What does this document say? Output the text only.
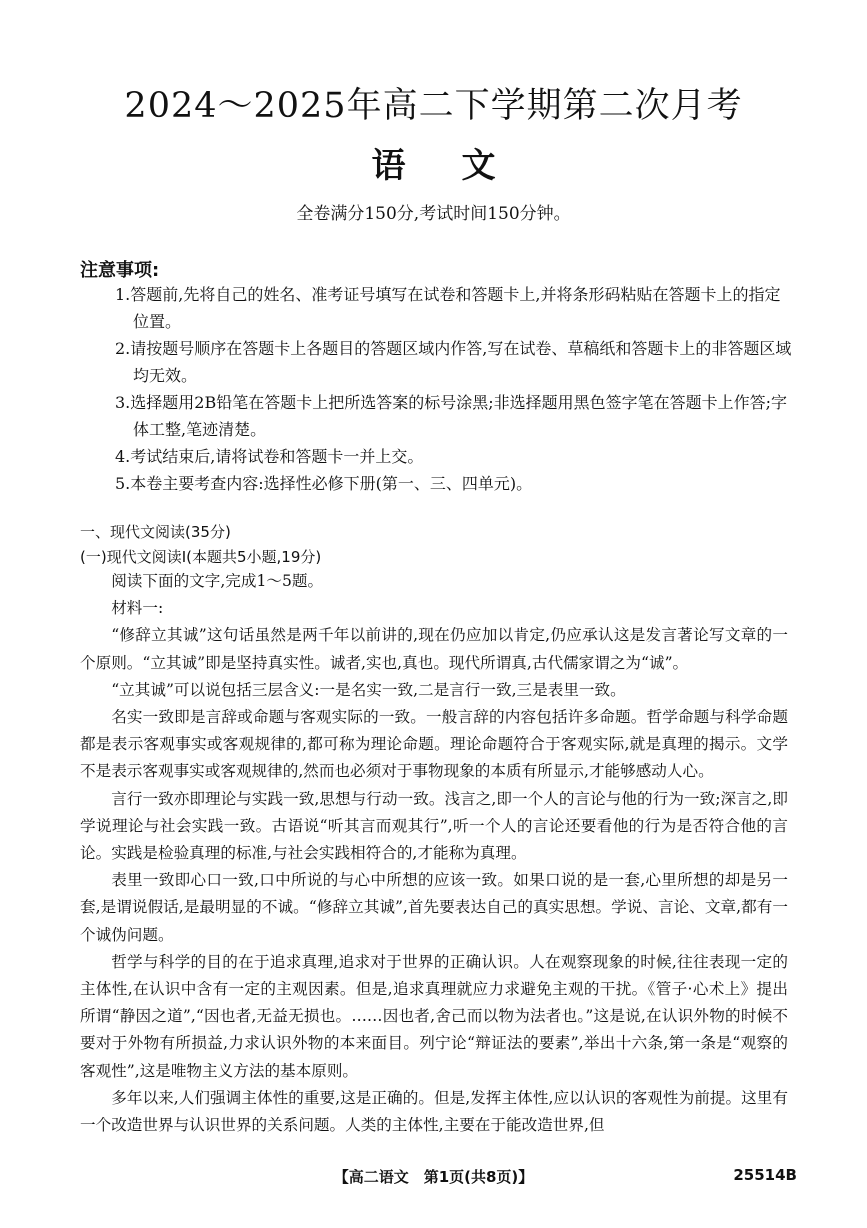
2024～2025年高二下学期第二次月考
语 文
全卷满分150分,考试时间150分钟。
注意事项:

1.答题前,先将自己的姓名、准考证号填写在试卷和答题卡上,并将条形码粘贴在答题卡上的指定位置。

2.请按题号顺序在答题卡上各题目的答题区域内作答,写在试卷、草稿纸和答题卡上的非答题区域均无效。

3.选择题用2B铅笔在答题卡上把所选答案的标号涂黑;非选择题用黑色签字笔在答题卡上作答;字体工整,笔迹清楚。

4.考试结束后,请将试卷和答题卡一并上交。

5.本卷主要考查内容:选择性必修下册(第一、三、四单元)。

一、现代文阅读(35分)
(一)现代文阅读Ⅰ(本题共5小题,19分)

阅读下面的文字,完成1～5题。

材料一:

“修辞立其诚”这句话虽然是两千年以前讲的,现在仍应加以肯定,仍应承认这是发言著论写文章的一个原则。“立其诚”即是坚持真实性。诚者,实也,真也。现代所谓真,古代儒家谓之为“诚”。

“立其诚”可以说包括三层含义:一是名实一致,二是言行一致,三是表里一致。

名实一致即是言辞或命题与客观实际的一致。一般言辞的内容包括许多命题。哲学命题与科学命题都是表示客观事实或客观规律的,都可称为理论命题。理论命题符合于客观实际,就是真理的揭示。文学不是表示客观事实或客观规律的,然而也必须对于事物现象的本质有所显示,才能够感动人心。

言行一致亦即理论与实践一致,思想与行动一致。浅言之,即一个人的言论与他的行为一致;深言之,即学说理论与社会实践一致。古语说“听其言而观其行”,听一个人的言论还要看他的行为是否符合他的言论。实践是检验真理的标准,与社会实践相符合的,才能称为真理。

表里一致即心口一致,口中所说的与心中所想的应该一致。如果口说的是一套,心里所想的却是另一套,是谓说假话,是最明显的不诚。“修辞立其诚”,首先要表达自己的真实思想。学说、言论、文章,都有一个诚伪问题。

哲学与科学的目的在于追求真理,追求对于世界的正确认识。人在观察现象的时候,往往表现一定的主体性,在认识中含有一定的主观因素。但是,追求真理就应力求避免主观的干扰。《管子·心术上》提出所谓“静因之道”,“因也者,无益无损也。……因也者,舍己而以物为法者也。”这是说,在认识外物的时候不要对于外物有所损益,力求认识外物的本来面目。列宁论“辩证法的要素”,举出十六条,第一条是“观察的客观性”,这是唯物主义方法的基本原则。

多年以来,人们强调主体性的重要,这是正确的。但是,发挥主体性,应以认识的客观性为前提。这里有一个改造世界与认识世界的关系问题。人类的主体性,主要在于能改造世界,但

【高二语文　第1页(共8页)】	25514B
